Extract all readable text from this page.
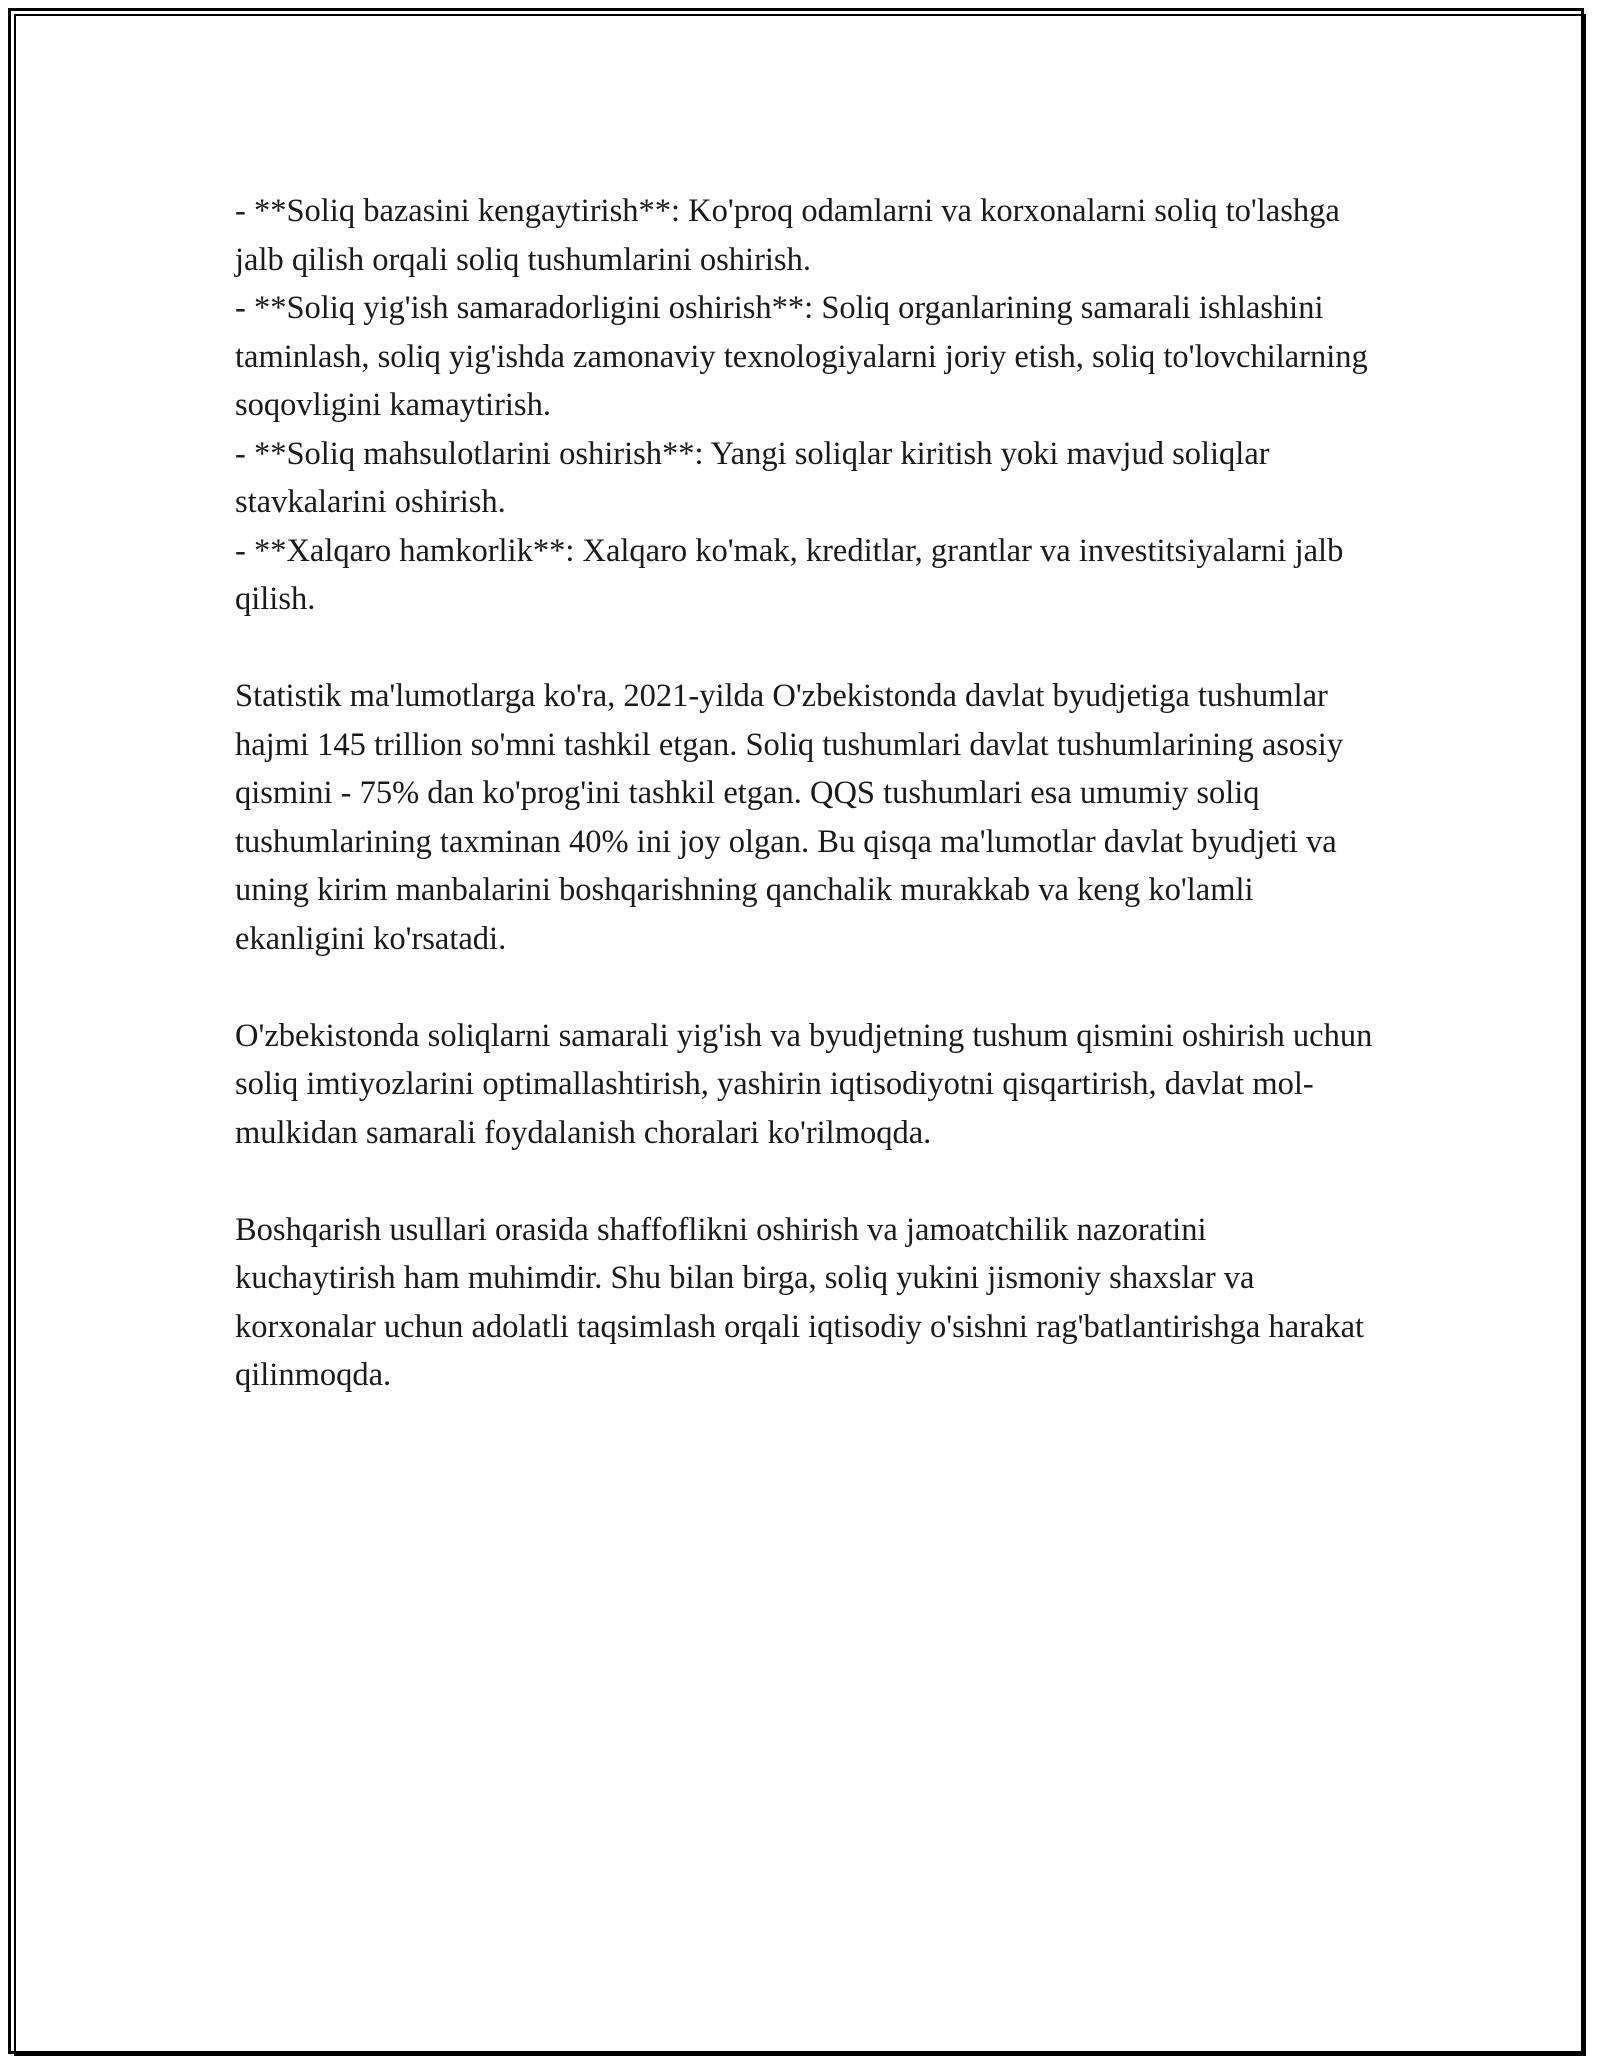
- **Soliq bazasini kengaytirish**: Ko'proq odamlarni va korxonalarni soliq to'lashga jalb qilish orqali soliq tushumlarini oshirish.

- **Soliq yig'ish samaradorligini oshirish**: Soliq organlarining samarali ishlashini taminlash, soliq yig'ishda zamonaviy texnologiyalarni joriy etish, soliq to'lovchilarning soqovligini kamaytirish.

- **Soliq mahsulotlarini oshirish**: Yangi soliqlar kiritish yoki mavjud soliqlar stavkalarini oshirish.

- **Xalqaro hamkorlik**: Xalqaro ko'mak, kreditlar, grantlar va investitsiyalarni jalb qilish.

Statistik ma'lumotlarga ko'ra, 2021-yilda O'zbekistonda davlat byudjetiga tushumlar hajmi 145 trillion so'mni tashkil etgan. Soliq tushumlari davlat tushumlarining asosiy qismini - 75% dan ko'prog'ini tashkil etgan. QQS tushumlari esa umumiy soliq tushumlarining taxminan 40% ini joy olgan. Bu qisqa ma'lumotlar davlat byudjeti va uning kirim manbalarini boshqarishning qanchalik murakkab va keng ko'lamli ekanligini ko'rsatadi.

O'zbekistonda soliqlarni samarali yig'ish va byudjetning tushum qismini oshirish uchun soliq imtiyozlarini optimallashtirish, yashirin iqtisodiyotni qisqartirish, davlat mol-mulkidan samarali foydalanish choralari ko'rilmoqda.

Boshqarish usullari orasida shaffoflikni oshirish va jamoatchilik nazoratini kuchaytirish ham muhimdir. Shu bilan birga, soliq yukini jismoniy shaxslar va korxonalar uchun adolatli taqsimlash orqali iqtisodiy o'sishni rag'batlantirishga harakat qilinmoqda.
